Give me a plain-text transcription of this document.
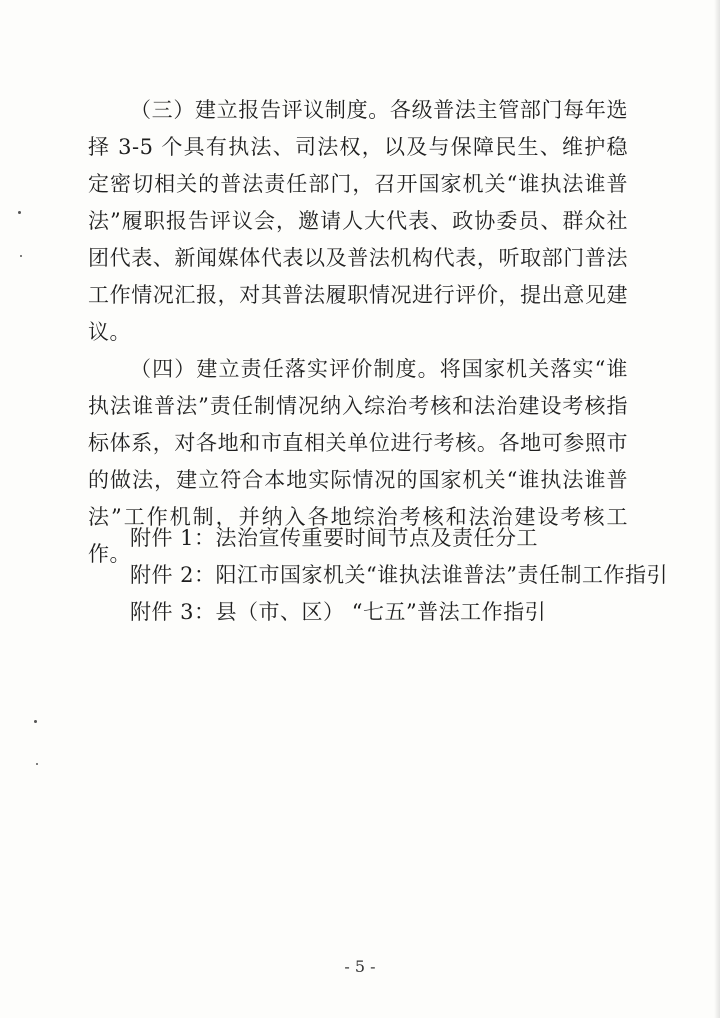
（三）建立报告评议制度。各级普法主管部门每年选择 3-5 个具有执法、司法权，以及与保障民生、维护稳定密切相关的普法责任部门，召开国家机关“谁执法谁普法”履职报告评议会，邀请人大代表、政协委员、群众社团代表、新闻媒体代表以及普法机构代表，听取部门普法工作情况汇报，对其普法履职情况进行评价，提出意见建议。

（四）建立责任落实评价制度。将国家机关落实“谁执法谁普法”责任制情况纳入综治考核和法治建设考核指标体系，对各地和市直相关单位进行考核。各地可参照市的做法，建立符合本地实际情况的国家机关“谁执法谁普法”工作机制，并纳入各地综治考核和法治建设考核工作。

附件 1：法治宣传重要时间节点及责任分工
附件 2：阳江市国家机关“谁执法谁普法”责任制工作指引
附件 3：县（市、区） “七五”普法工作指引
- 5 -
